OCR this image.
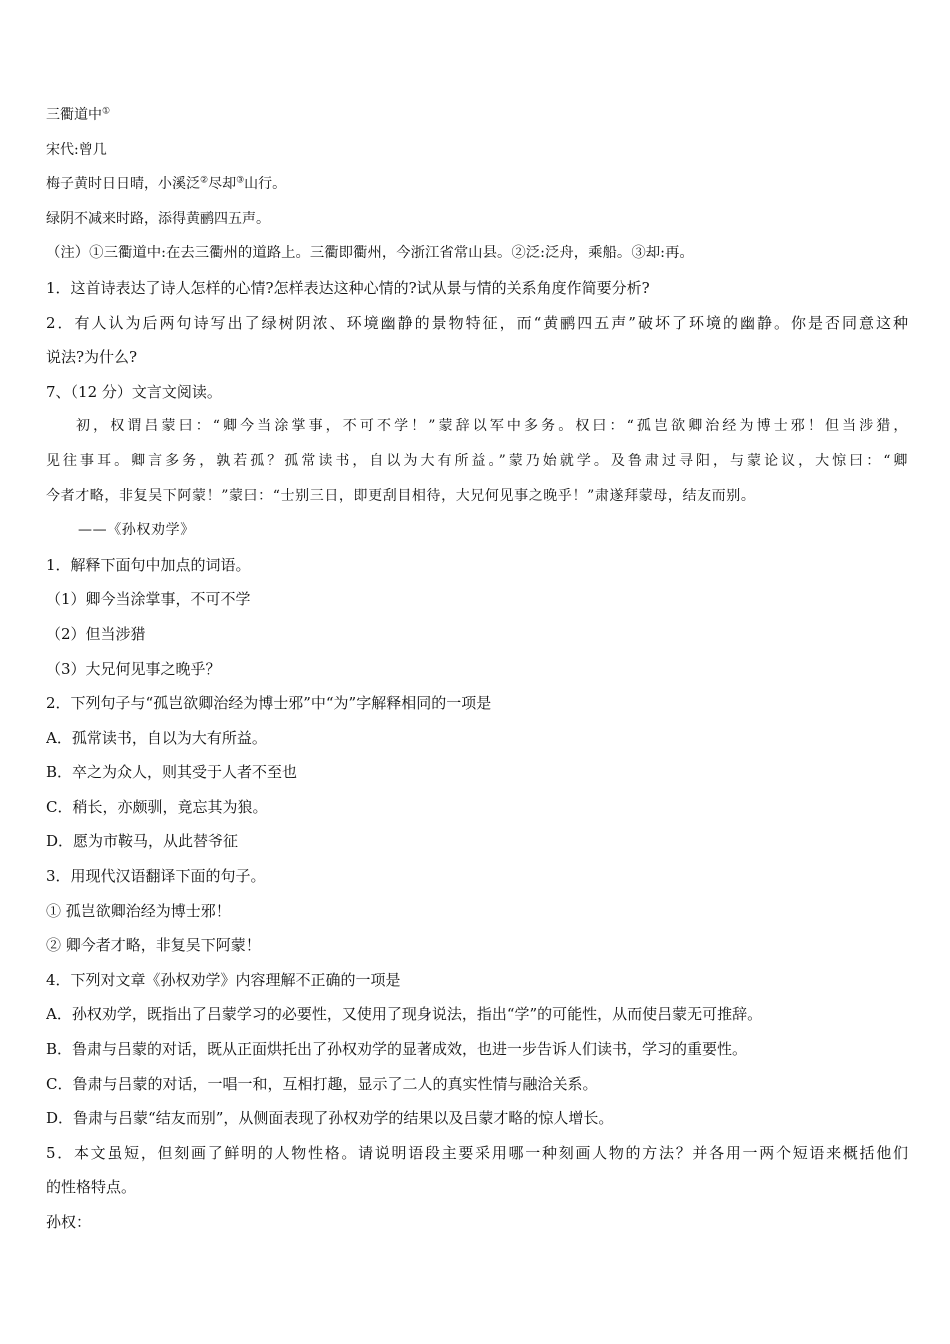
三衢道中①
宋代:曾几
梅子黄时日日晴，小溪泛②尽却③山行。
绿阴不减来时路，添得黄鹂四五声。
（注）①三衢道中:在去三衢州的道路上。三衢即衢州，今浙江省常山县。②泛:泛舟，乘船。③却:再。
1．这首诗表达了诗人怎样的心情?怎样表达这种心情的?试从景与情的关系角度作简要分析?
2．有人认为后两句诗写出了绿树阴浓、环境幽静的景物特征，而“黄鹂四五声”破坏了环境的幽静。你是否同意这种
说法?为什么?
7、（12 分）文言文阅读。
初，权谓吕蒙曰：“卿今当涂掌事，不可不学！”蒙辞以军中多务。权曰：“孤岂欲卿治经为博士邪！但当涉猎，
见往事耳。卿言多务，孰若孤？孤常读书，自以为大有所益。”蒙乃始就学。及鲁肃过寻阳，与蒙论议，大惊曰：“卿
今者才略，非复吴下阿蒙！”蒙曰：“士别三日，即更刮目相待，大兄何见事之晚乎！”肃遂拜蒙母，结友而别。
——《孙权劝学》
1．解释下面句中加点的词语。
（1）卿今当涂掌事，不可不学
（2）但当涉猎
（3）大兄何见事之晚乎？
2．下列句子与“孤岂欲卿治经为博士邪”中“为”字解释相同的一项是
A．孤常读书，自以为大有所益。
B．卒之为众人，则其受于人者不至也
C．稍长，亦颇驯，竟忘其为狼。
D．愿为市鞍马，从此替爷征
3．用现代汉语翻译下面的句子。
① 孤岂欲卿治经为博士邪！
② 卿今者才略，非复吴下阿蒙！
4．下列对文章《孙权劝学》内容理解不正确的一项是
A．孙权劝学，既指出了吕蒙学习的必要性，又使用了现身说法，指出“学”的可能性，从而使吕蒙无可推辞。
B．鲁肃与吕蒙的对话，既从正面烘托出了孙权劝学的显著成效，也进一步告诉人们读书，学习的重要性。
C．鲁肃与吕蒙的对话，一唱一和，互相打趣，显示了二人的真实性情与融洽关系。
D．鲁肃与吕蒙“结友而别”，从侧面表现了孙权劝学的结果以及吕蒙才略的惊人增长。
5．本文虽短，但刻画了鲜明的人物性格。请说明语段主要采用哪一种刻画人物的方法？并各用一两个短语来概括他们
的性格特点。
孙权：
